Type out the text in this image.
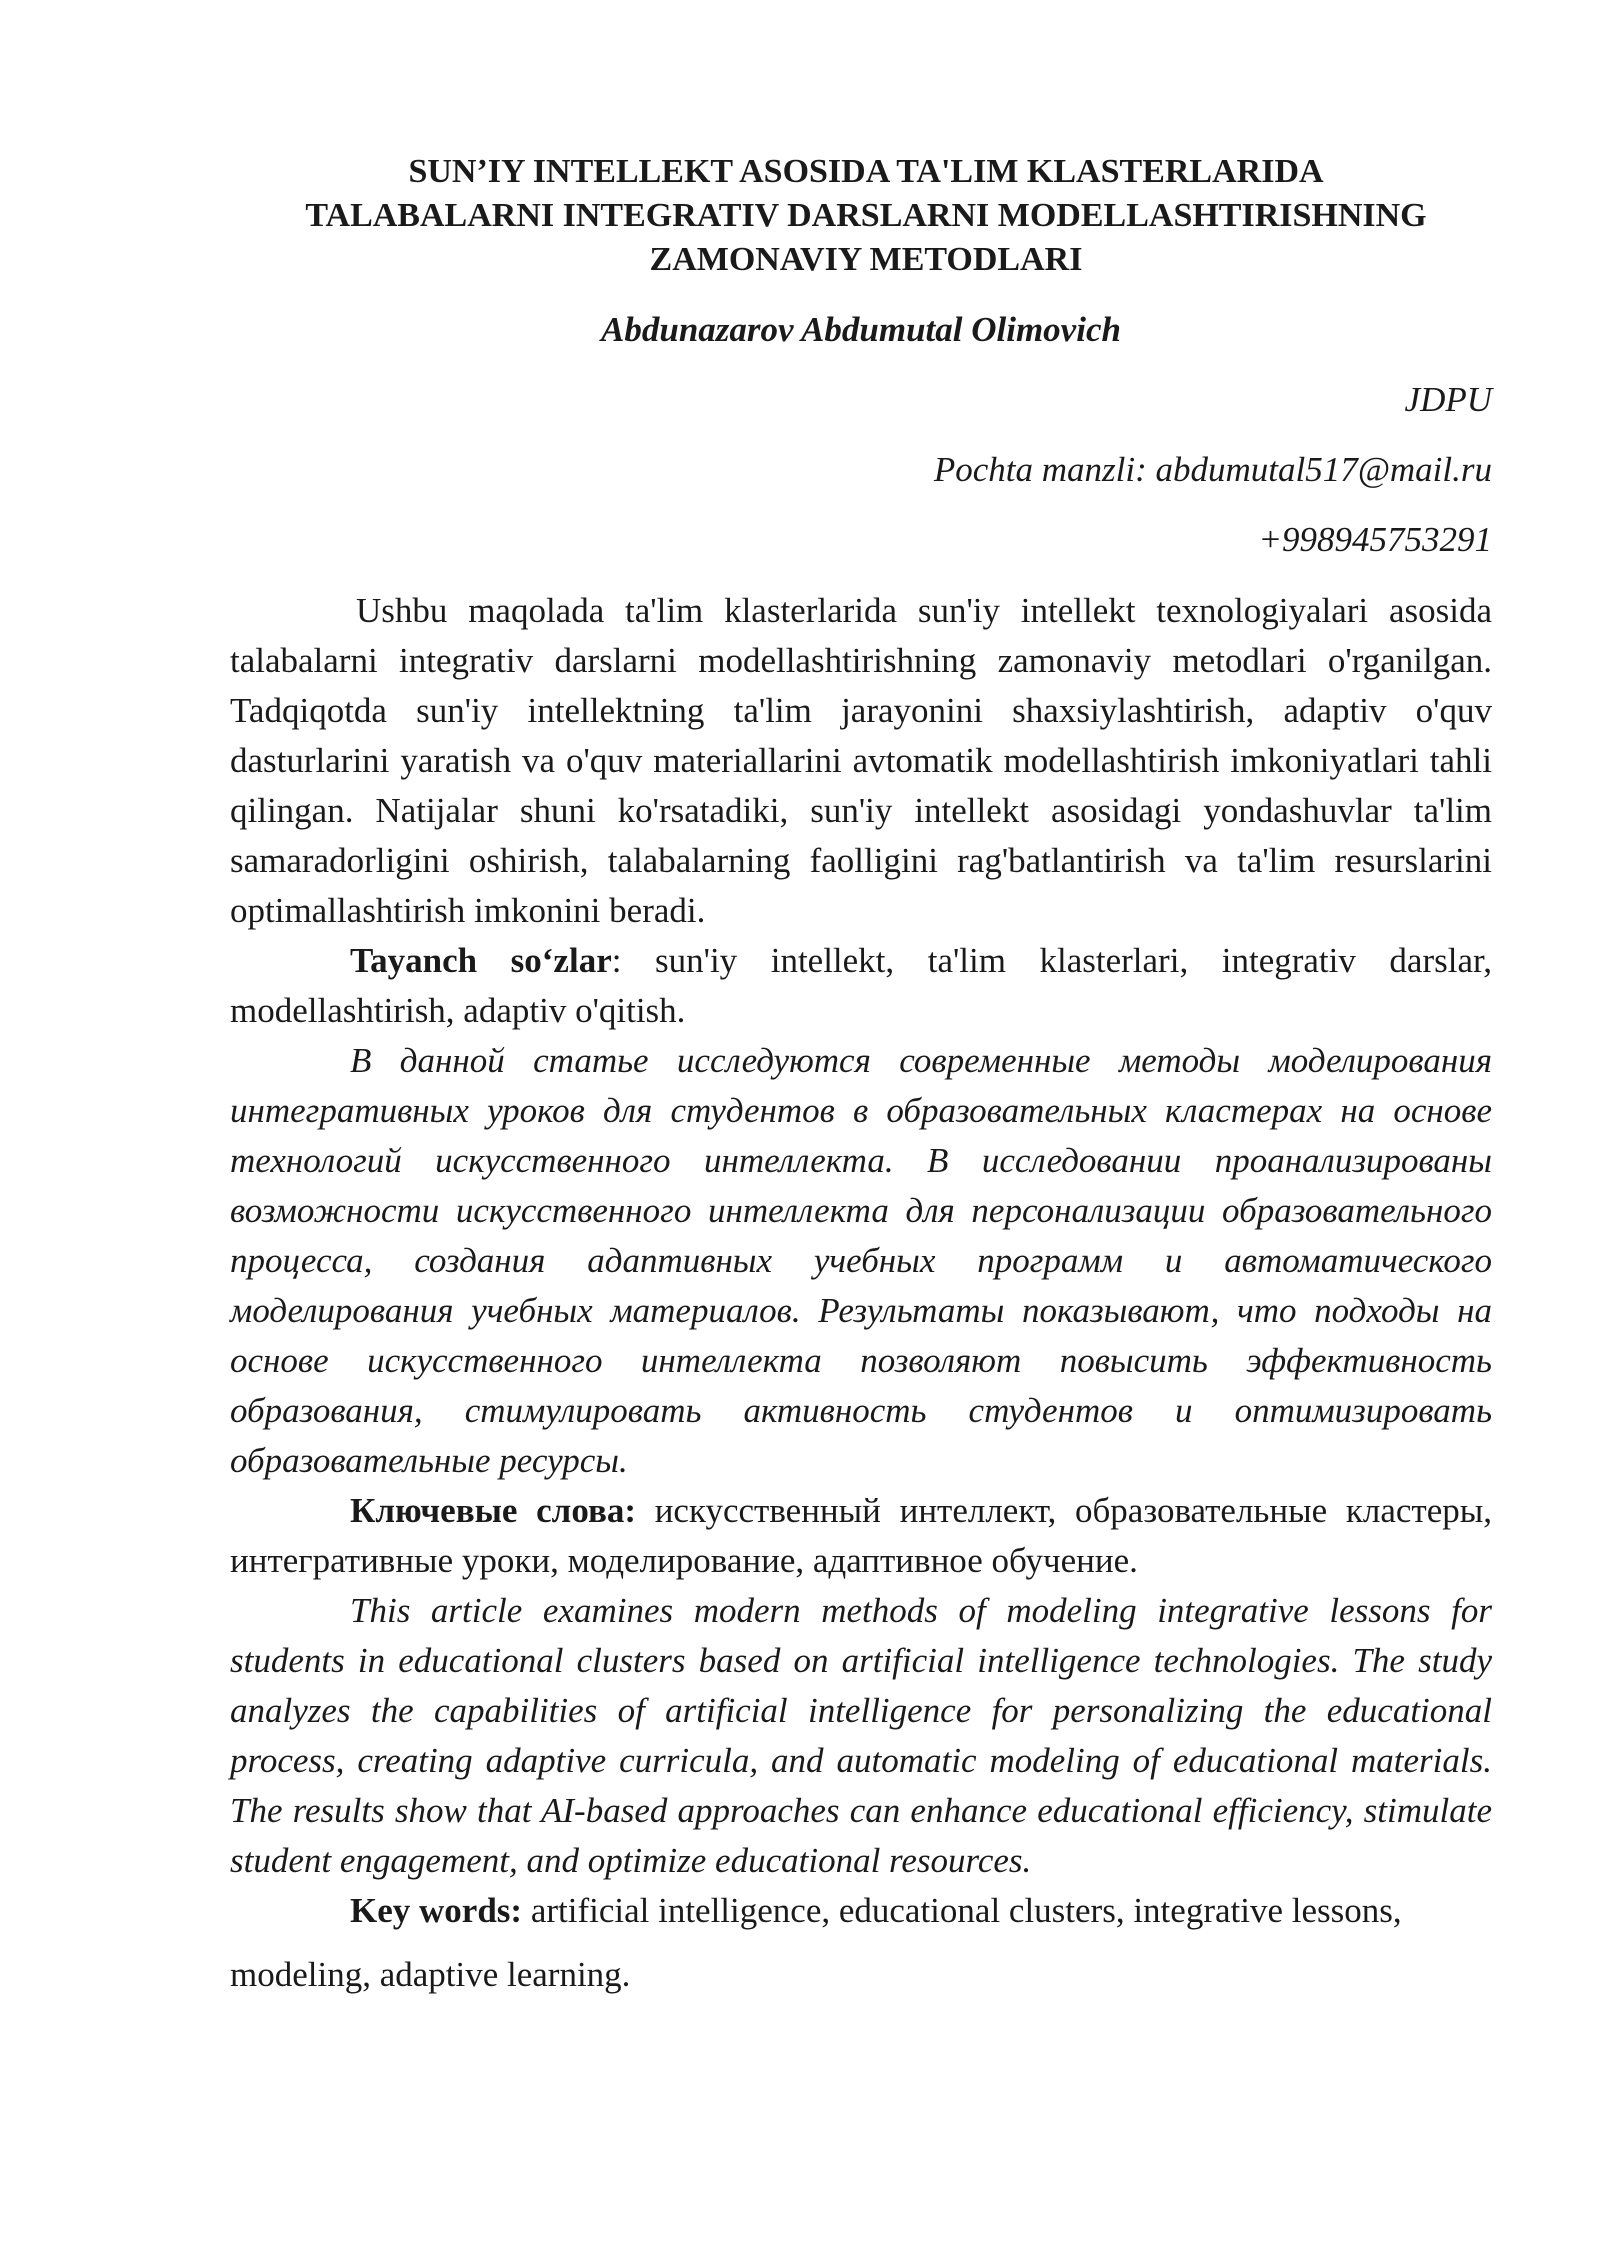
SUN’IY INTELLEKT ASOSIDA TA'LIM KLASTERLARIDA
TALABALARNI INTEGRATIV DARSLARNI MODELLASHTIRISHNING
ZAMONAVIY METODLARI
Abdunazarov Abdumutal Olimovich

JDPU

Pochta manzli: abdumutal517@mail.ru

+998945753291

Ushbu maqolada ta'lim klasterlarida sun'iy intellekt texnologiyalari asosida talabalarni integrativ darslarni modellashtirishning zamonaviy metodlari o'rganilgan. Tadqiqotda sun'iy intellektning ta'lim jarayonini shaxsiylashtirish, adaptiv o'quv dasturlarini yaratish va o'quv materiallarini avtomatik modellashtirish imkoniyatlari tahli qilingan. Natijalar shuni ko'rsatadiki, sun'iy intellekt asosidagi yondashuvlar ta'lim samaradorligini oshirish, talabalarning faolligini rag'batlantirish va ta'lim resurslarini optimallashtirish imkonini beradi.

Tayanch so‘zlar: sun'iy intellekt, ta'lim klasterlari, integrativ darslar, modellashtirish, adaptiv o'qitish.

В данной статье исследуются современные методы моделирования интегративных уроков для студентов в образовательных кластерах на основе технологий искусственного интеллекта. В исследовании проанализированы возможности искусственного интеллекта для персонализации образовательного процесса, создания адаптивных учебных программ и автоматического моделирования учебных материалов. Результаты показывают, что подходы на основе искусственного интеллекта позволяют повысить эффективность образования, стимулировать активность студентов и оптимизировать образовательные ресурсы.

Ключевые слова: искусственный интеллект, образовательные кластеры, интегративные уроки, моделирование, адаптивное обучение.

This article examines modern methods of modeling integrative lessons for students in educational clusters based on artificial intelligence technologies. The study analyzes the capabilities of artificial intelligence for personalizing the educational process, creating adaptive curricula, and automatic modeling of educational materials. The results show that AI-based approaches can enhance educational efficiency, stimulate student engagement, and optimize educational resources.

Key words: artificial intelligence, educational clusters, integrative lessons,
modeling, adaptive learning.
